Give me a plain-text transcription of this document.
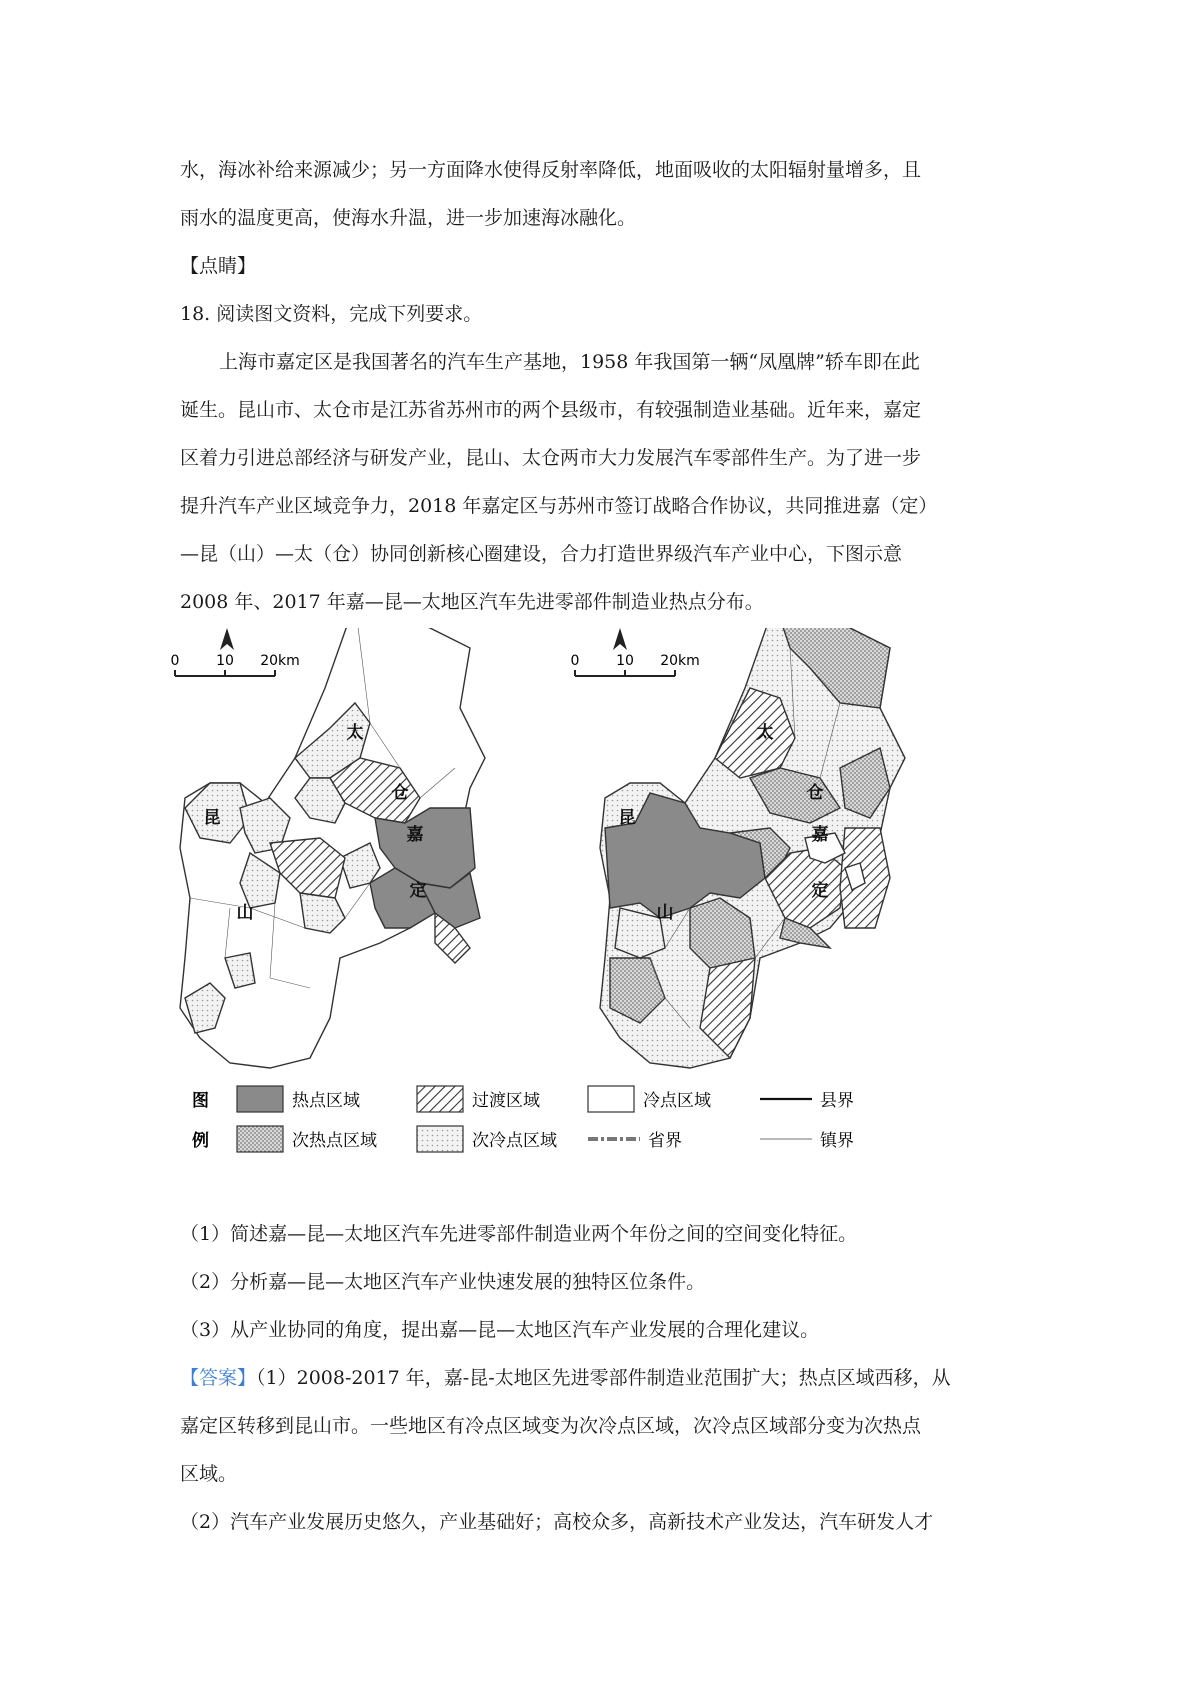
水，海冰补给来源减少；另一方面降水使得反射率降低，地面吸收的太阳辐射量增多，且
雨水的温度更高，使海水升温，进一步加速海冰融化。
【点睛】
18. 阅读图文资料，完成下列要求。
上海市嘉定区是我国著名的汽车生产基地，1958 年我国第一辆“凤凰牌”轿车即在此
诞生。昆山市、太仓市是江苏省苏州市的两个县级市，有较强制造业基础。近年来，嘉定
区着力引进总部经济与研发产业，昆山、太仓两市大力发展汽车零部件生产。为了进一步
提升汽车产业区域竞争力，2018 年嘉定区与苏州市签订战略合作协议，共同推进嘉（定）
—昆（山）—太（仓）协同创新核心圈建设，合力打造世界级汽车产业中心，下图示意
2008 年、2017 年嘉—昆—太地区汽车先进零部件制造业热点分布。
0	10 20km
太
仓
昆
嘉
山
定
0	10 20km
太
仓
昆
嘉
山
定
图
例
热点区域	过渡区域	冷点区域	县界
次热点区域	次冷点区域	省界	镇界
（1）简述嘉—昆—太地区汽车先进零部件制造业两个年份之间的空间变化特征。
（2）分析嘉—昆—太地区汽车产业快速发展的独特区位条件。
（3）从产业协同的角度，提出嘉—昆—太地区汽车产业发展的合理化建议。
【答案】（1）2008-2017 年，嘉-昆-太地区先进零部件制造业范围扩大；热点区域西移，从
嘉定区转移到昆山市。一些地区有冷点区域变为次冷点区域，次冷点区域部分变为次热点
区域。
（2）汽车产业发展历史悠久，产业基础好；高校众多，高新技术产业发达，汽车研发人才
